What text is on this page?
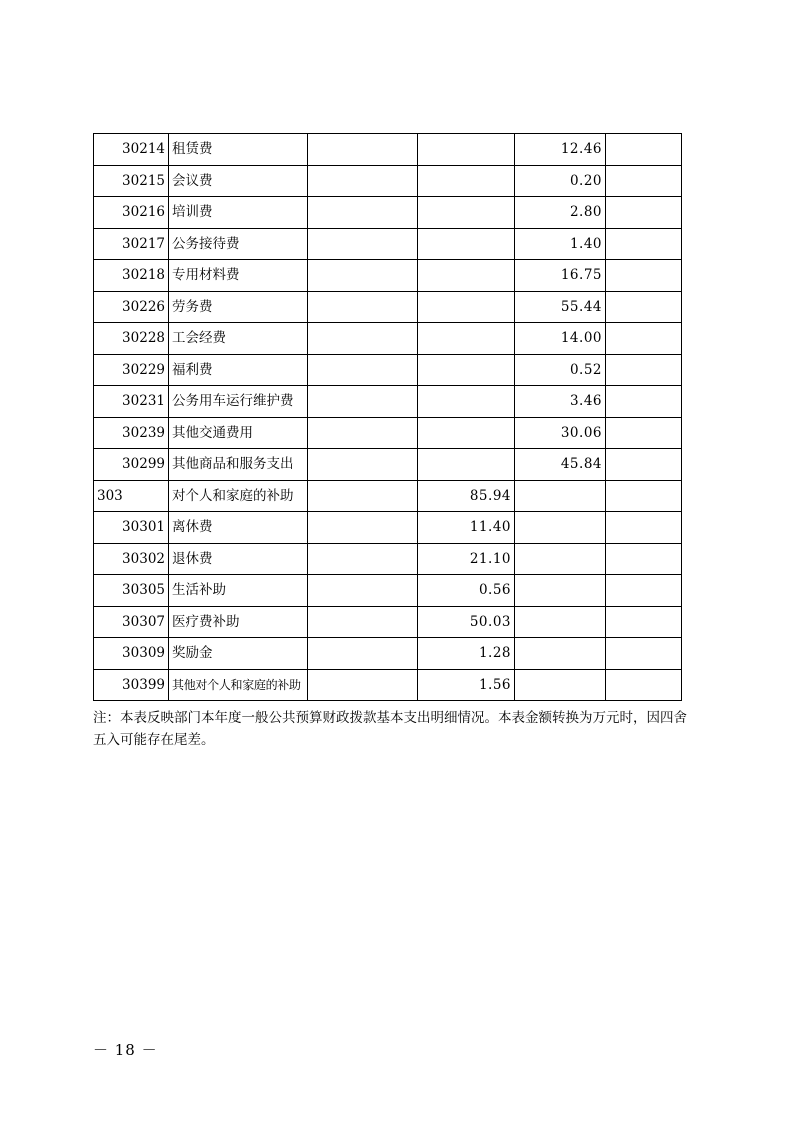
30214	租赁费			12.46	
30215	会议费			0.20	
30216	培训费			2.80	
30217	公务接待费			1.40	
30218	专用材料费			16.75	
30226	劳务费			55.44	
30228	工会经费			14.00	
30229	福利费			0.52	
30231	公务用车运行维护费			3.46	
30239	其他交通费用			30.06	
30299	其他商品和服务支出			45.84	
303	对个人和家庭的补助		85.94		
30301	离休费		11.40		
30302	退休费		21.10		
30305	生活补助		0.56		
30307	医疗费补助		50.03		
30309	奖励金		1.28		
30399	其他对个人和家庭的补助		1.56		

注：本表反映部门本年度一般公共预算财政拨款基本支出明细情况。本表金额转换为万元时，因四舍五入可能存在尾差。

－ 18 －
